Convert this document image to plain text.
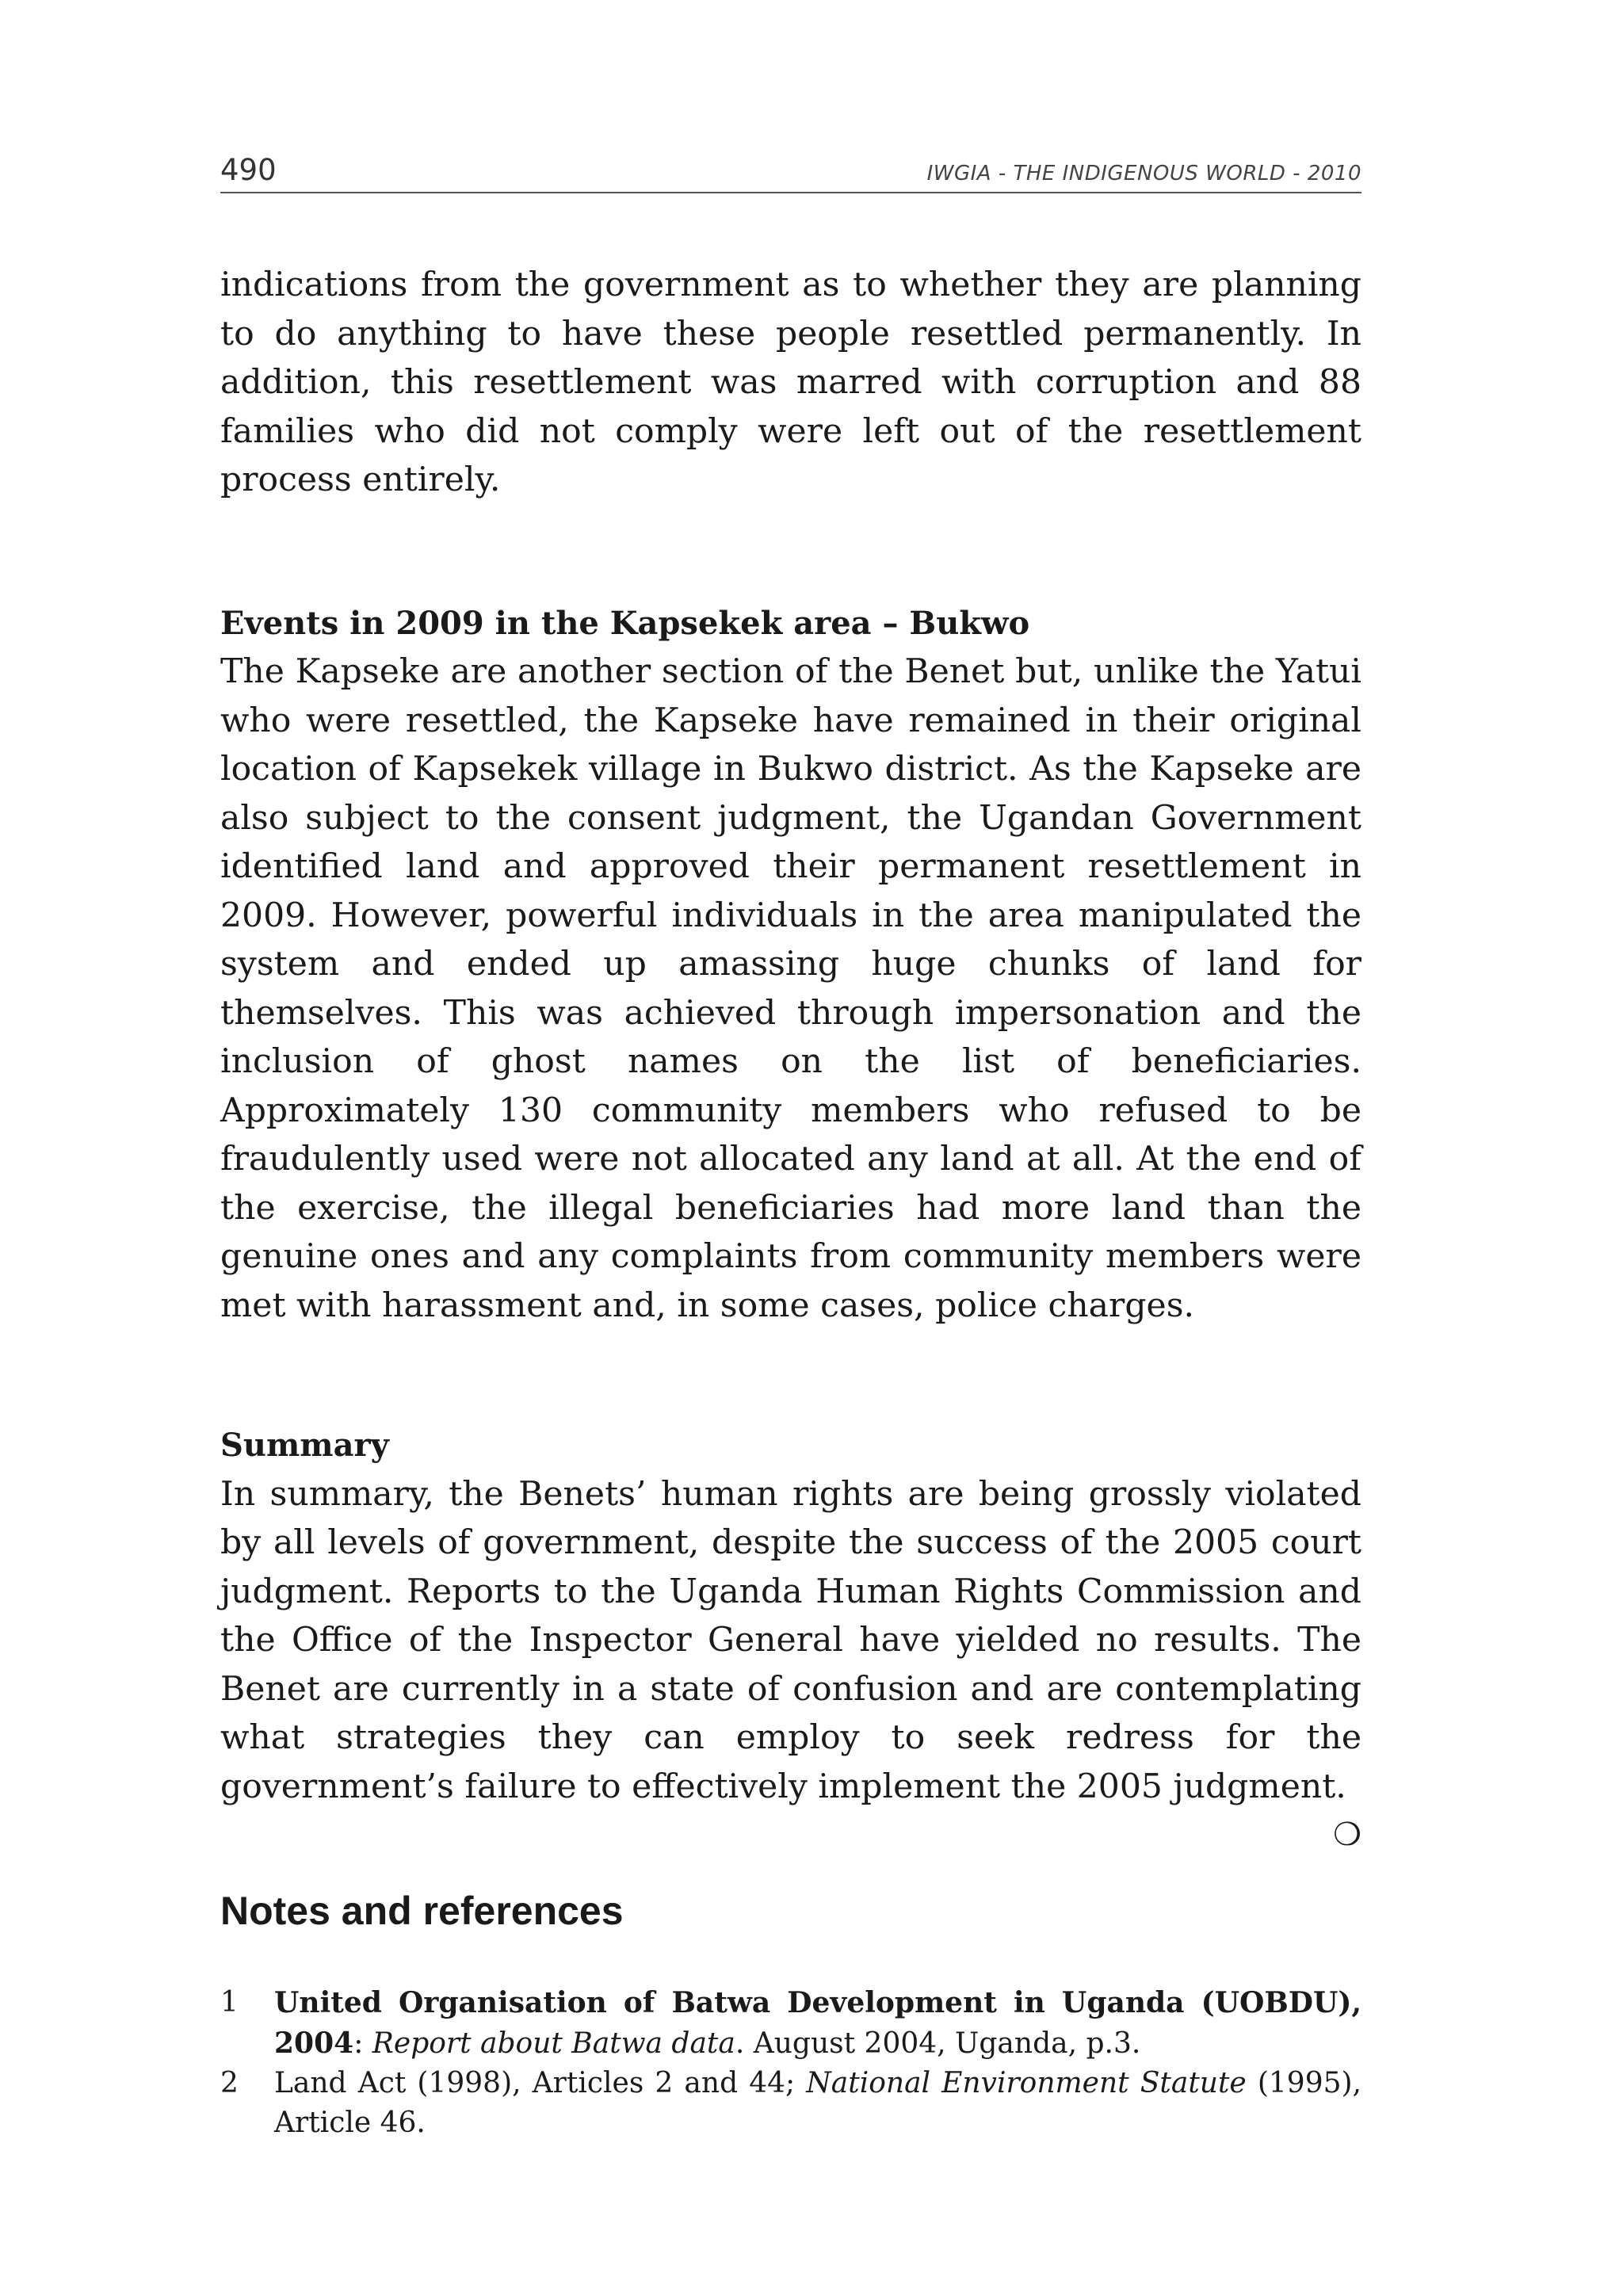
490	IWGIA - THE INDIGENOUS WORLD - 2010

indications from the government as to whether they are planning to do anything to have these people resettled permanently. In addition, this resettlement was marred with corruption and 88 families who did not comply were left out of the resettlement process entirely.

Events in 2009 in the Kapsekek area – Bukwo

The Kapseke are another section of the Benet but, unlike the Yatui who were resettled, the Kapseke have remained in their original location of Kapsekek village in Bukwo district. As the Kapseke are also subject to the consent judgment, the Ugandan Government identified land and approved their permanent resettlement in 2009. However, powerful individuals in the area manipulated the system and ended up amassing huge chunks of land for themselves. This was achieved through impersonation and the inclusion of ghost names on the list of beneficiaries. Approximately 130 community members who refused to be fraudulently used were not allocated any land at all. At the end of the exercise, the illegal beneficiaries had more land than the genuine ones and any complaints from community members were met with harassment and, in some cases, police charges.

Summary

In summary, the Benets’ human rights are being grossly violated by all levels of government, despite the success of the 2005 court judgment. Reports to the Uganda Human Rights Commission and the Office of the Inspector General have yielded no results. The Benet are currently in a state of confusion and are contemplating what strategies they can employ to seek redress for the government’s failure to effectively implement the 2005 judgment.
❍

Notes and references
1	United Organisation of Batwa Development in Uganda (UOBDU), 2004: Report about Batwa data. August 2004, Uganda, p.3.
2	Land Act (1998), Articles 2 and 44; National Environment Statute (1995), Article 46.
